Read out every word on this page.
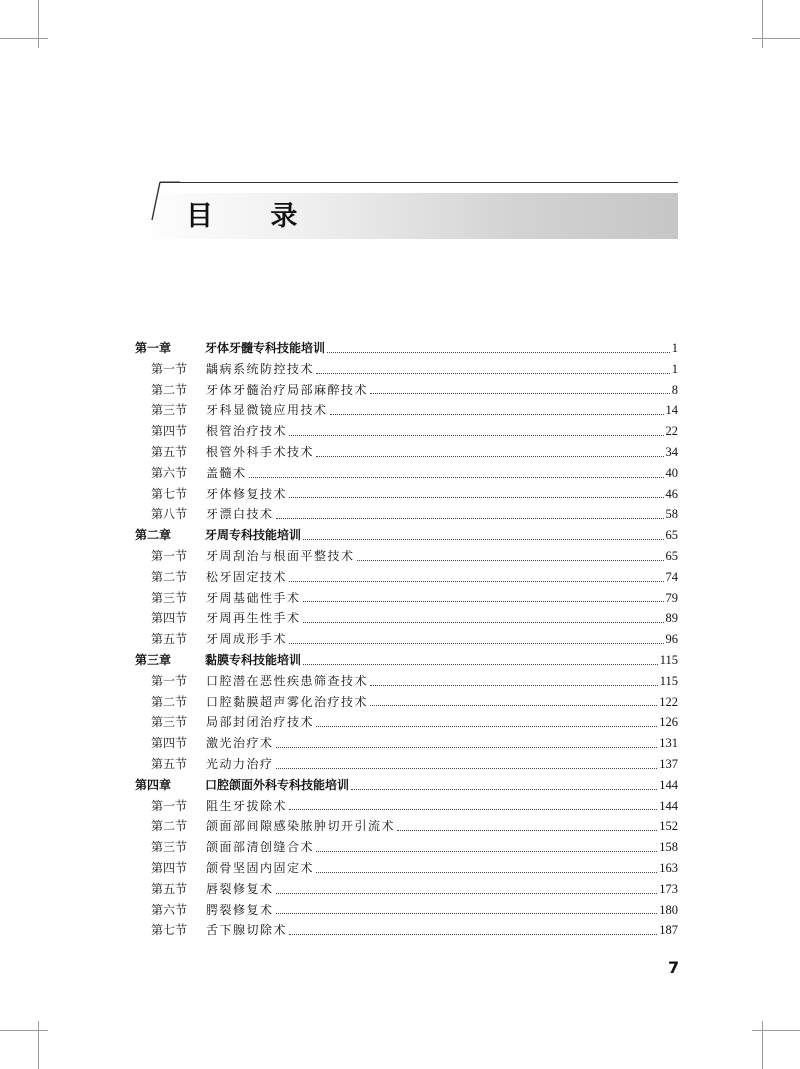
目 录
第一章	牙体牙髓专科技能培训	1
第一节	龋病系统防控技术	1
第二节	牙体牙髓治疗局部麻醉技术	8
第三节	牙科显微镜应用技术	14
第四节	根管治疗技术	22
第五节	根管外科手术技术	34
第六节	盖髓术	40
第七节	牙体修复技术	46
第八节	牙漂白技术	58
第二章	牙周专科技能培训	65
第一节	牙周刮治与根面平整技术	65
第二节	松牙固定技术	74
第三节	牙周基础性手术	79
第四节	牙周再生性手术	89
第五节	牙周成形手术	96
第三章	黏膜专科技能培训	115
第一节	口腔潜在恶性疾患筛查技术	115
第二节	口腔黏膜超声雾化治疗技术	122
第三节	局部封闭治疗技术	126
第四节	激光治疗术	131
第五节	光动力治疗	137
第四章	口腔颌面外科专科技能培训	144
第一节	阻生牙拔除术	144
第二节	颌面部间隙感染脓肿切开引流术	152
第三节	颌面部清创缝合术	158
第四节	颌骨坚固内固定术	163
第五节	唇裂修复术	173
第六节	腭裂修复术	180
第七节	舌下腺切除术	187
7
